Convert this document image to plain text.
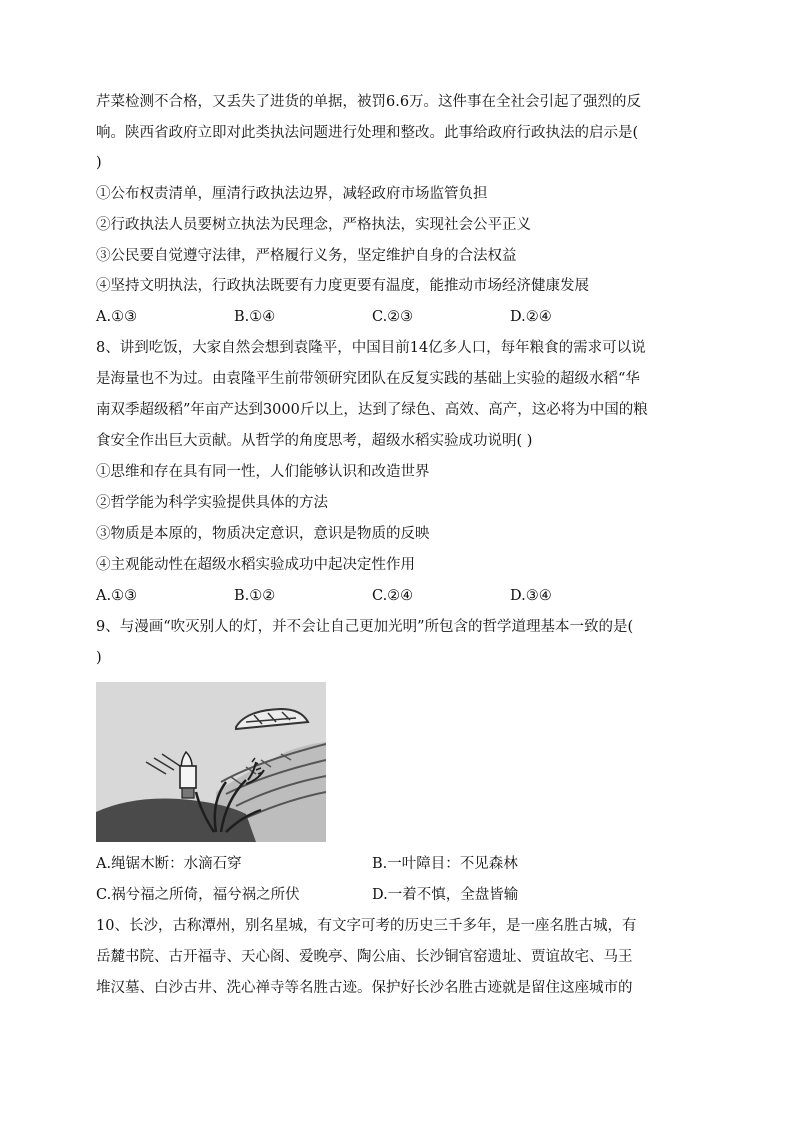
芹菜检测不合格，又丢失了进货的单据，被罚6.6万。这件事在全社会引起了强烈的反
响。陕西省政府立即对此类执法问题进行处理和整改。此事给政府行政执法的启示是(
)
①公布权责清单，厘清行政执法边界，减轻政府市场监管负担
②行政执法人员要树立执法为民理念，严格执法，实现社会公平正义
③公民要自觉遵守法律，严格履行义务，坚定维护自身的合法权益
④坚持文明执法，行政执法既要有力度更要有温度，能推动市场经济健康发展
A.①③	B.①④	C.②③	D.②④
8、讲到吃饭，大家自然会想到袁隆平，中国目前14亿多人口，每年粮食的需求可以说
是海量也不为过。由袁隆平生前带领研究团队在反复实践的基础上实验的超级水稻“华
南双季超级稻”年亩产达到3000斤以上，达到了绿色、高效、高产，这必将为中国的粮
食安全作出巨大贡献。从哲学的角度思考，超级水稻实验成功说明( )
①思维和存在具有同一性，人们能够认识和改造世界
②哲学能为科学实验提供具体的方法
③物质是本原的，物质决定意识，意识是物质的反映
④主观能动性在超级水稻实验成功中起决定性作用
A.①③	B.①②	C.②④	D.③④
9、与漫画“吹灭别人的灯，并不会让自己更加光明”所包含的哲学道理基本一致的是(
)
A.绳锯木断：水滴石穿	B.一叶障目：不见森林
C.祸兮福之所倚，福兮祸之所伏	D.一着不慎，全盘皆输
10、长沙，古称潭州，别名星城，有文字可考的历史三千多年，是一座名胜古城，有
岳麓书院、古开福寺、天心阁、爱晚亭、陶公庙、长沙铜官窑遗址、贾谊故宅、马王
堆汉墓、白沙古井、洗心禅寺等名胜古迹。保护好长沙名胜古迹就是留住这座城市的
